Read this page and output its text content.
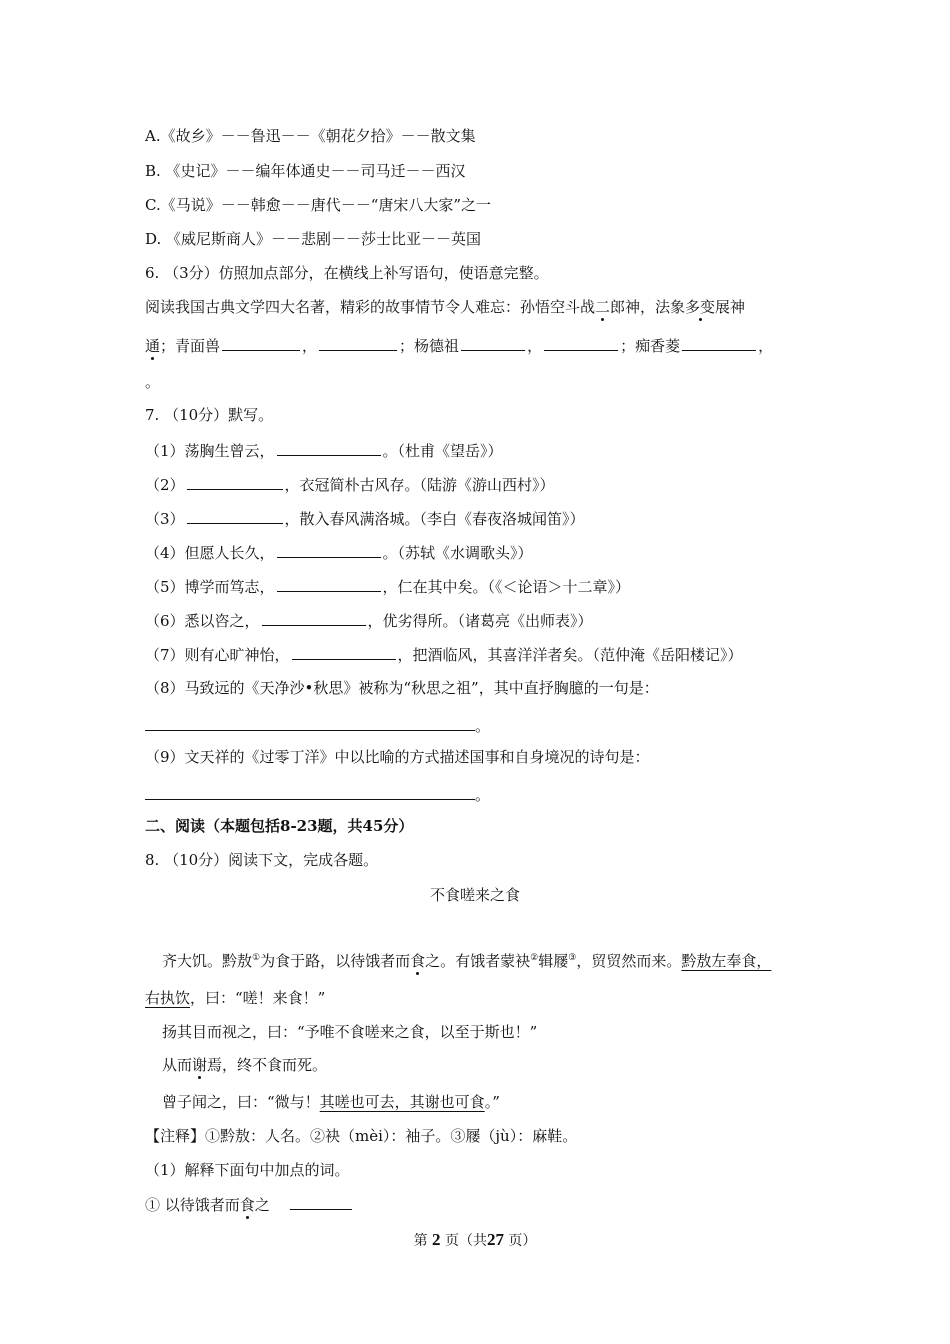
A.《故乡》－－鲁迅－－《朝花夕拾》－－散文集
B. 《史记》－－编年体通史－－司马迁－－西汉
C.《马说》－－韩愈－－唐代－－“唐宋八大家”之一
D. 《威尼斯商人》－－悲剧－－莎士比亚－－英国
6. （3分）仿照加点部分，在横线上补写语句，使语意完整。
阅读我国古典文学四大名著，精彩的故事情节令人难忘：孙悟空斗战二郎神，法象多变展神
通；青面兽	，	；杨德祖	，	；痴香菱	，
。
7. （10分）默写。
（1）荡胸生曾云，	。（杜甫《望岳》）
（2）	，衣冠简朴古风存。（陆游《游山西村》）
（3）	，散入春风满洛城。（李白《春夜洛城闻笛》）
（4）但愿人长久，	。（苏轼《水调歌头》）
（5）博学而笃志，	，仁在其中矣。（《＜论语＞十二章》）
（6）悉以咨之，	，优劣得所。（诸葛亮《出师表》）
（7）则有心旷神怡，	，把酒临风，其喜洋洋者矣。（范仲淹《岳阳楼记》）
（8）马致远的《天净沙•秋思》被称为“秋思之祖”，其中直抒胸臆的一句是：
。
（9）文天祥的《过零丁洋》中以比喻的方式描述国事和自身境况的诗句是：
。
二、阅读（本题包括8-23题，共45分）
8. （10分）阅读下文，完成各题。
不食嗟来之食
齐大饥。黔敖①为食于路，以待饿者而食之。有饿者蒙袂②辑屦③，贸贸然而来。黔敖左奉食，
右执饮，曰：“嗟！来食！”
扬其目而视之，曰：“予唯不食嗟来之食，以至于斯也！”
从而谢焉，终不食而死。
曾子闻之，曰：“微与！其嗟也可去，其谢也可食。”
【注释】①黔敖：人名。②袂（mèi）：袖子。③屦（jù）：麻鞋。
（1）解释下面句中加点的词。
① 以待饿者而食之
第 2 页（共27 页）
